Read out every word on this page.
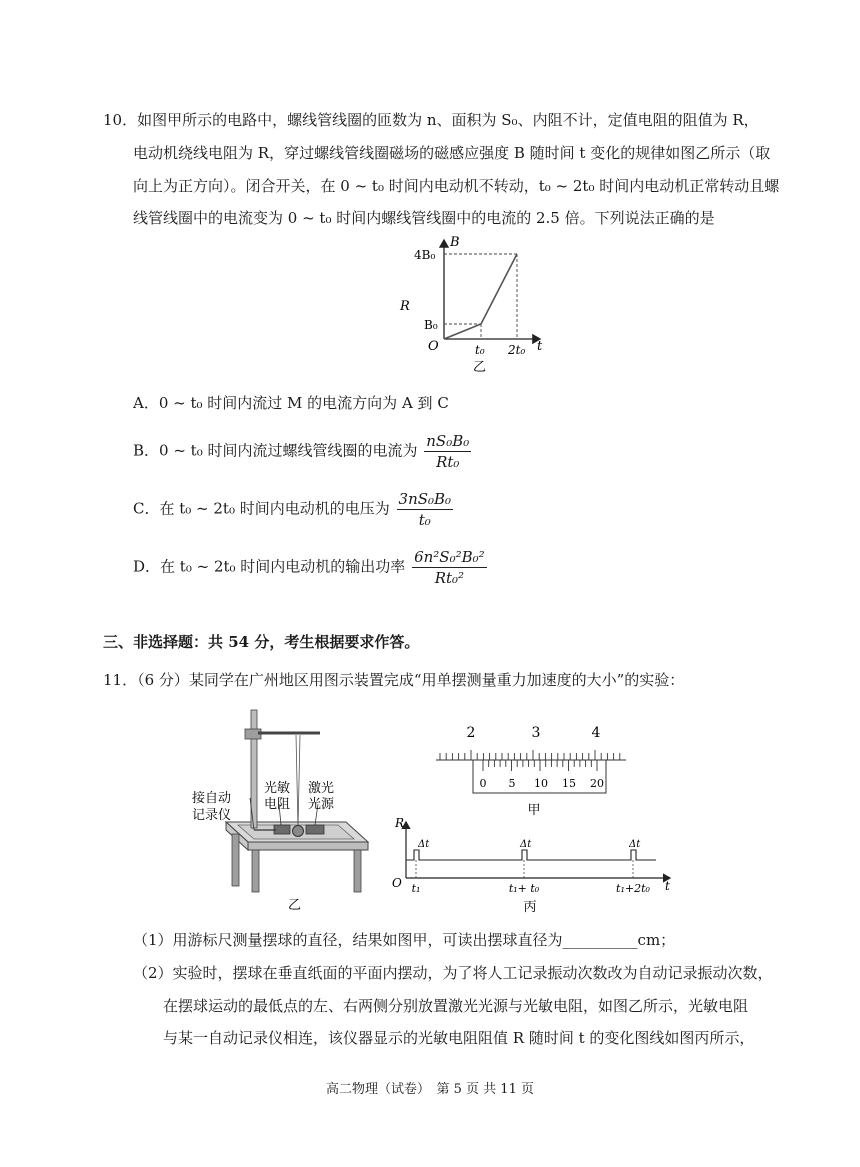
10．如图甲所示的电路中，螺线管线圈的匝数为 n、面积为 S₀、内阻不计，定值电阻的阻值为 R，
电动机绕线电阻为 R，穿过螺线管线圈磁场的磁感应强度 B 随时间 t 变化的规律如图乙所示（取
向上为正方向）。闭合开关，在 0 ~ t₀ 时间内电动机不转动，t₀ ~ 2t₀ 时间内电动机正常转动且螺
线管线圈中的电流变为 0 ~ t₀ 时间内螺线管线圈中的电流的 2.5 倍。下列说法正确的是
B
t
4B₀
B₀
O	t₀ 2t₀
R
乙
A．0 ~ t₀ 时间内流过 M 的电流方向为 A 到 C
B．0 ~ t₀ 时间内流过螺线管线圈的电流为 $\frac{\text{nS₀B₀}}{\text{Rt₀}}$
C．在 t₀ ~ 2t₀ 时间内电动机的电压为 $\frac{\text{3nS₀B₀}}{\text{t₀}}$
D．在 t₀ ~ 2t₀ 时间内电动机的输出功率 $\frac{\text{6n²S₀²B₀²}}{\text{Rt₀²}}$
三、非选择题：共 54 分，考生根据要求作答。
11．（6 分）某同学在广州地区用图示装置完成“用单摆测量重力加速度的大小”的实验：
接自动
记录仪
光敏
电阻
激光
光源
乙
2	3	4
0 5 10 15 20
甲
R
t
O
Δt	Δt	Δt
t₁	t₁+ t₀	t₁+2t₀
丙
（1）用游标尺测量摆球的直径，结果如图甲，可读出摆球直径为__________cm；
（2）实验时，摆球在垂直纸面的平面内摆动，为了将人工记录振动次数改为自动记录振动次数，
在摆球运动的最低点的左、右两侧分别放置激光光源与光敏电阻，如图乙所示，光敏电阻
与某一自动记录仪相连，该仪器显示的光敏电阻阻值 R 随时间 t 的变化图线如图丙所示，
高二物理（试卷）　第 5 页 共 11 页
